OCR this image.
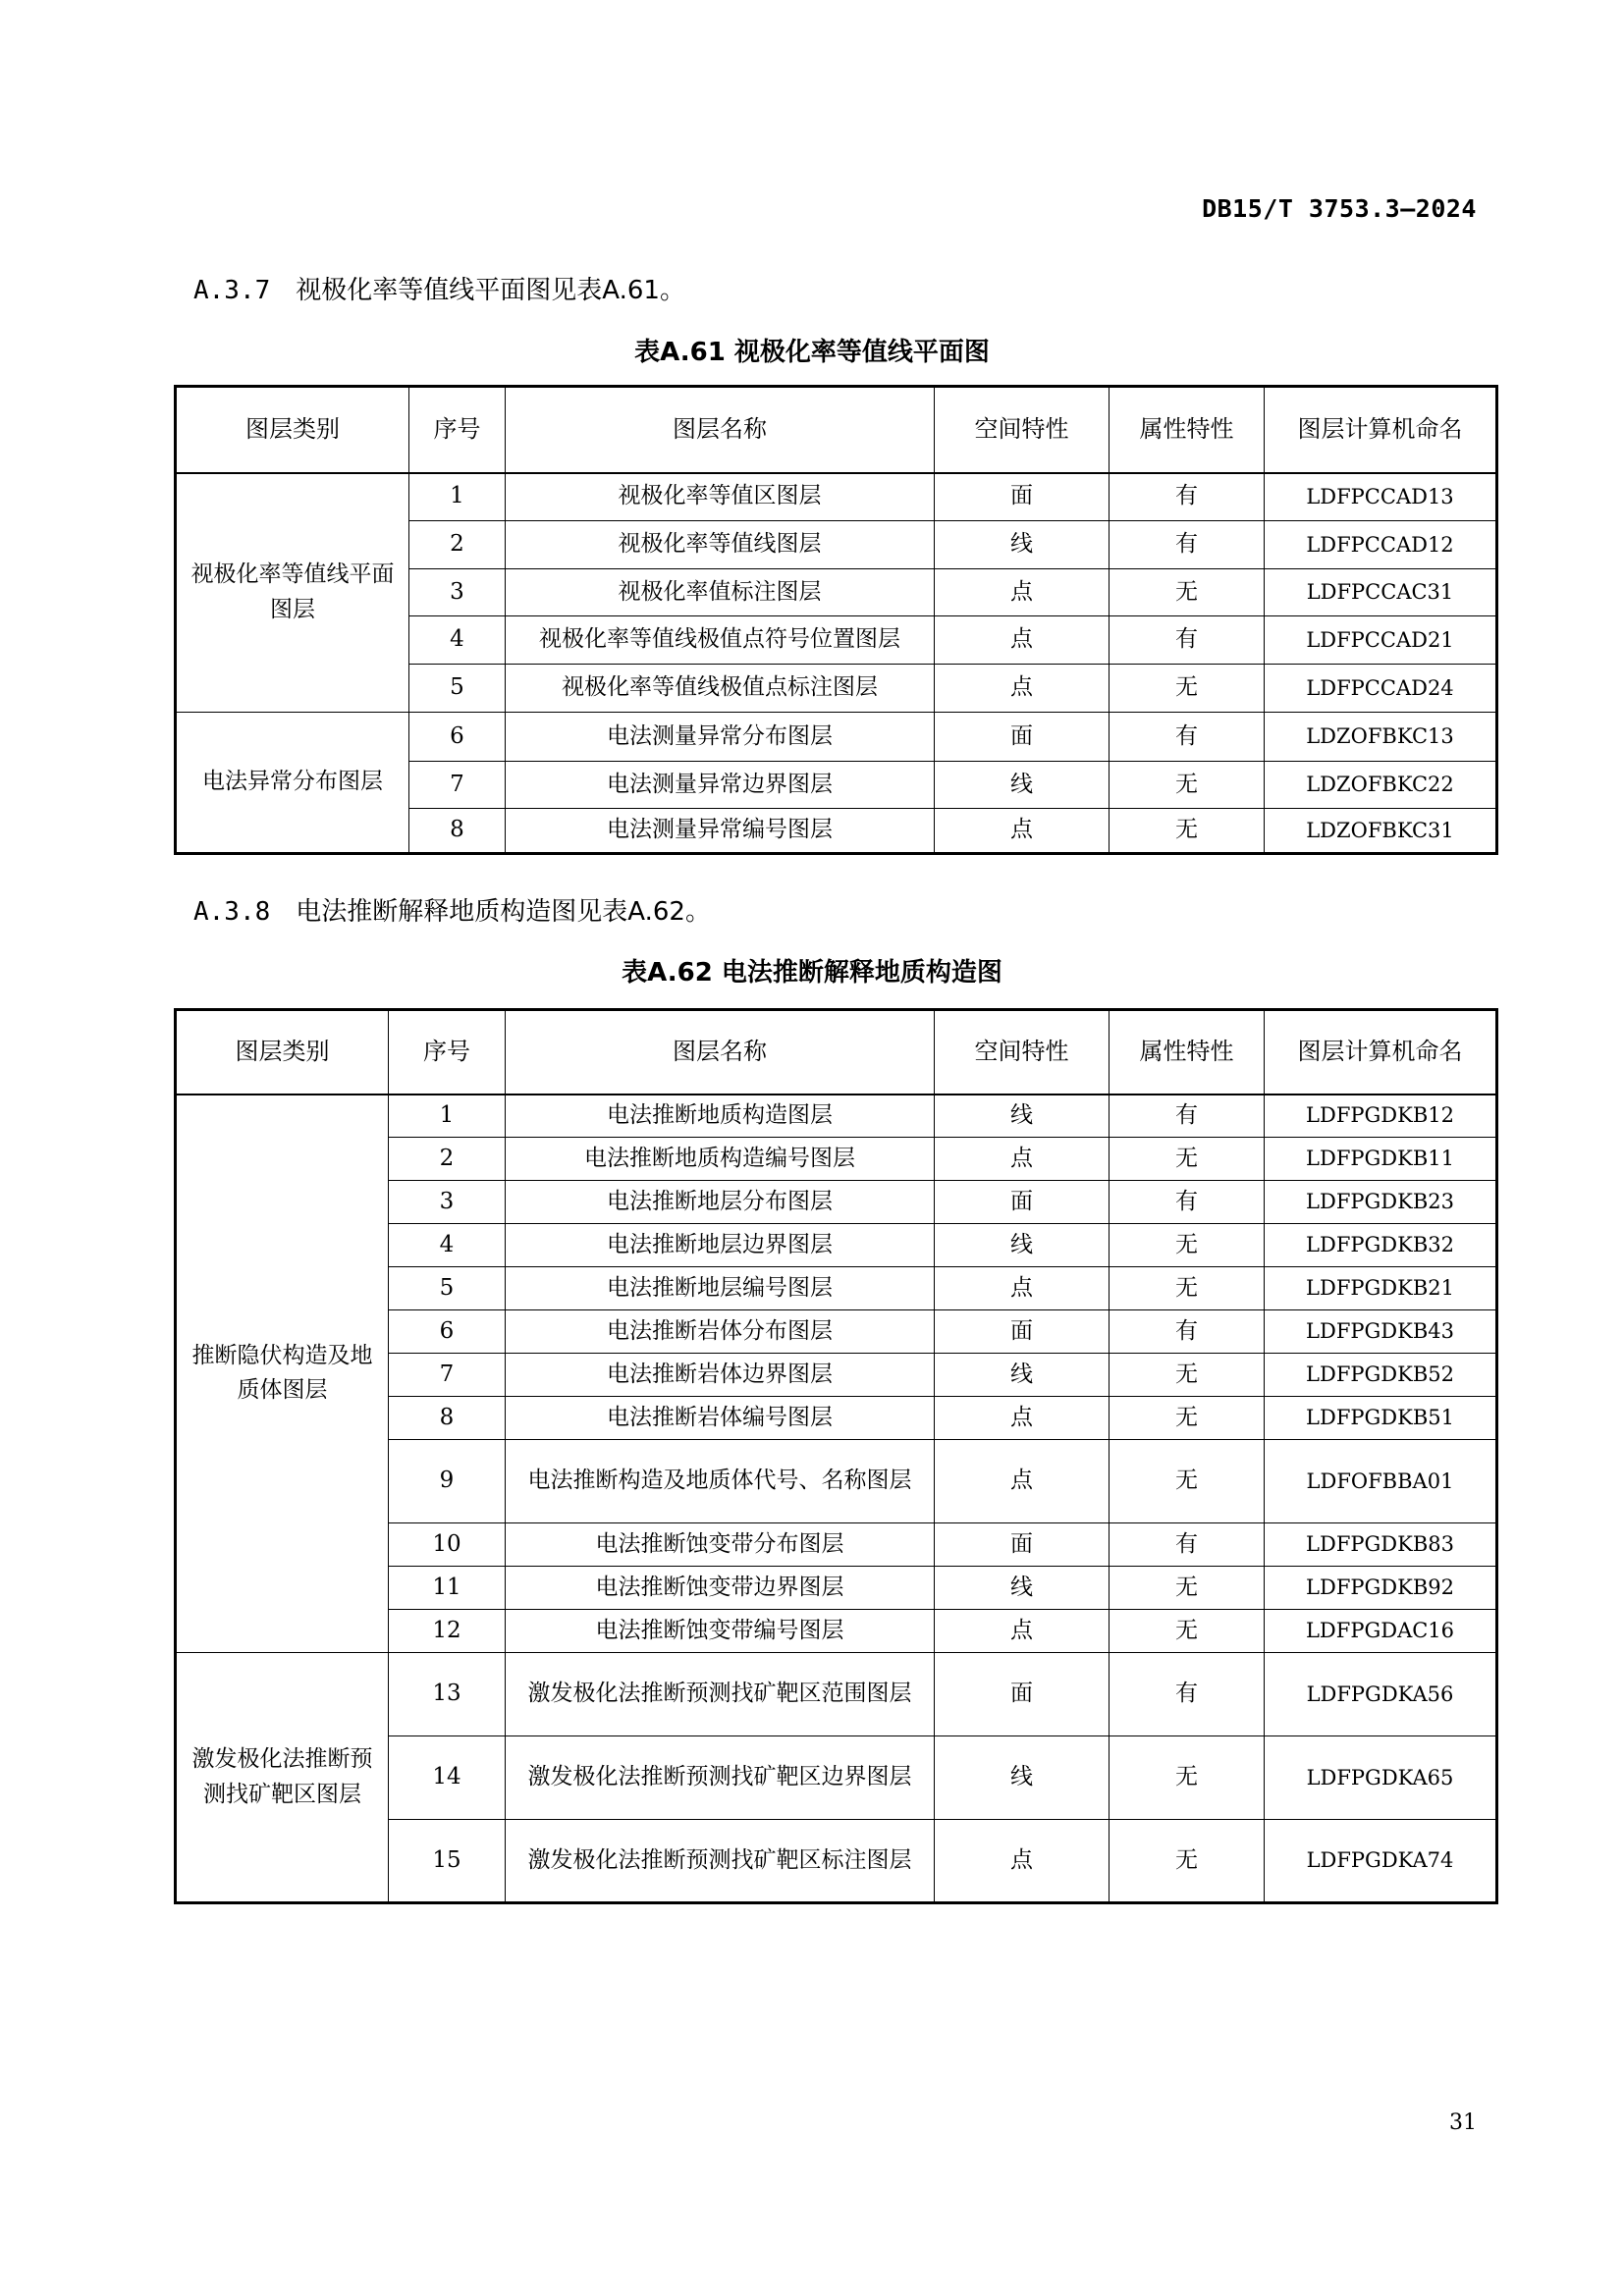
DB15/T 3753.3—2024
A.3.7 视极化率等值线平面图见表A.61。
表A.61 视极化率等值线平面图
图层类别	序号	图层名称	空间特性	属性特性	图层计算机命名
视极化率等值线平面图层	1	视极化率等值区图层	面	有	LDFPCCAD13
	2	视极化率等值线图层	线	有	LDFPCCAD12
	3	视极化率值标注图层	点	无	LDFPCCAC31
	4	视极化率等值线极值点符号位置图层	点	有	LDFPCCAD21
	5	视极化率等值线极值点标注图层	点	无	LDFPCCAD24
电法异常分布图层	6	电法测量异常分布图层	面	有	LDZOFBKC13
	7	电法测量异常边界图层	线	无	LDZOFBKC22
	8	电法测量异常编号图层	点	无	LDZOFBKC31
A.3.8 电法推断解释地质构造图见表A.62。
表A.62 电法推断解释地质构造图
图层类别	序号	图层名称	空间特性	属性特性	图层计算机命名
推断隐伏构造及地质体图层	1	电法推断地质构造图层	线	有	LDFPGDKB12
	2	电法推断地质构造编号图层	点	无	LDFPGDKB11
	3	电法推断地层分布图层	面	有	LDFPGDKB23
	4	电法推断地层边界图层	线	无	LDFPGDKB32
	5	电法推断地层编号图层	点	无	LDFPGDKB21
	6	电法推断岩体分布图层	面	有	LDFPGDKB43
	7	电法推断岩体边界图层	线	无	LDFPGDKB52
	8	电法推断岩体编号图层	点	无	LDFPGDKB51
	9	电法推断构造及地质体代号、名称图层	点	无	LDFOFBBA01
	10	电法推断蚀变带分布图层	面	有	LDFPGDKB83
	11	电法推断蚀变带边界图层	线	无	LDFPGDKB92
	12	电法推断蚀变带编号图层	点	无	LDFPGDAC16
激发极化法推断预测找矿靶区图层	13	激发极化法推断预测找矿靶区范围图层	面	有	LDFPGDKA56
	14	激发极化法推断预测找矿靶区边界图层	线	无	LDFPGDKA65
	15	激发极化法推断预测找矿靶区标注图层	点	无	LDFPGDKA74
31
